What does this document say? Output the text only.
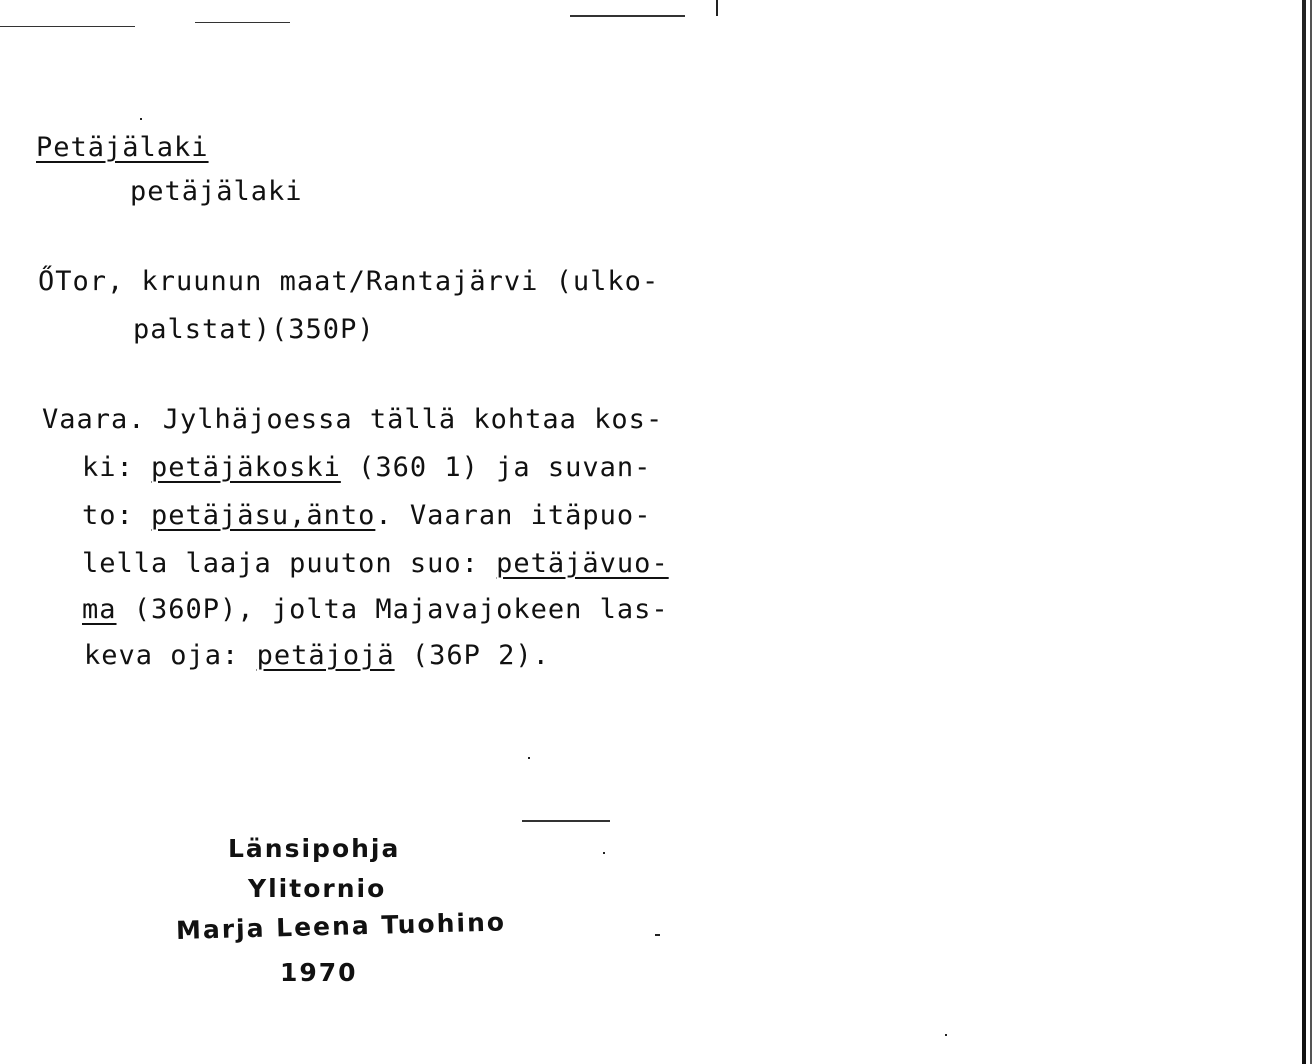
Petäjälaki
petäjälaki
ŐTor, kruunun maat/Rantajärvi (ulko-
palstat)(350P)
Vaara. Jylhäjoessa tällä kohtaa kos-
ki: petäjäkoski (360 1) ja suvan-
to: petäjäsu,änto. Vaaran itäpuo-
lella laaja puuton suo: petäjävuo-
ma (360P), jolta Majavajokeen las-
keva oja: petäjojä (36P 2).
Länsipohja
Ylitornio
Marja Leena Tuohino
1970
